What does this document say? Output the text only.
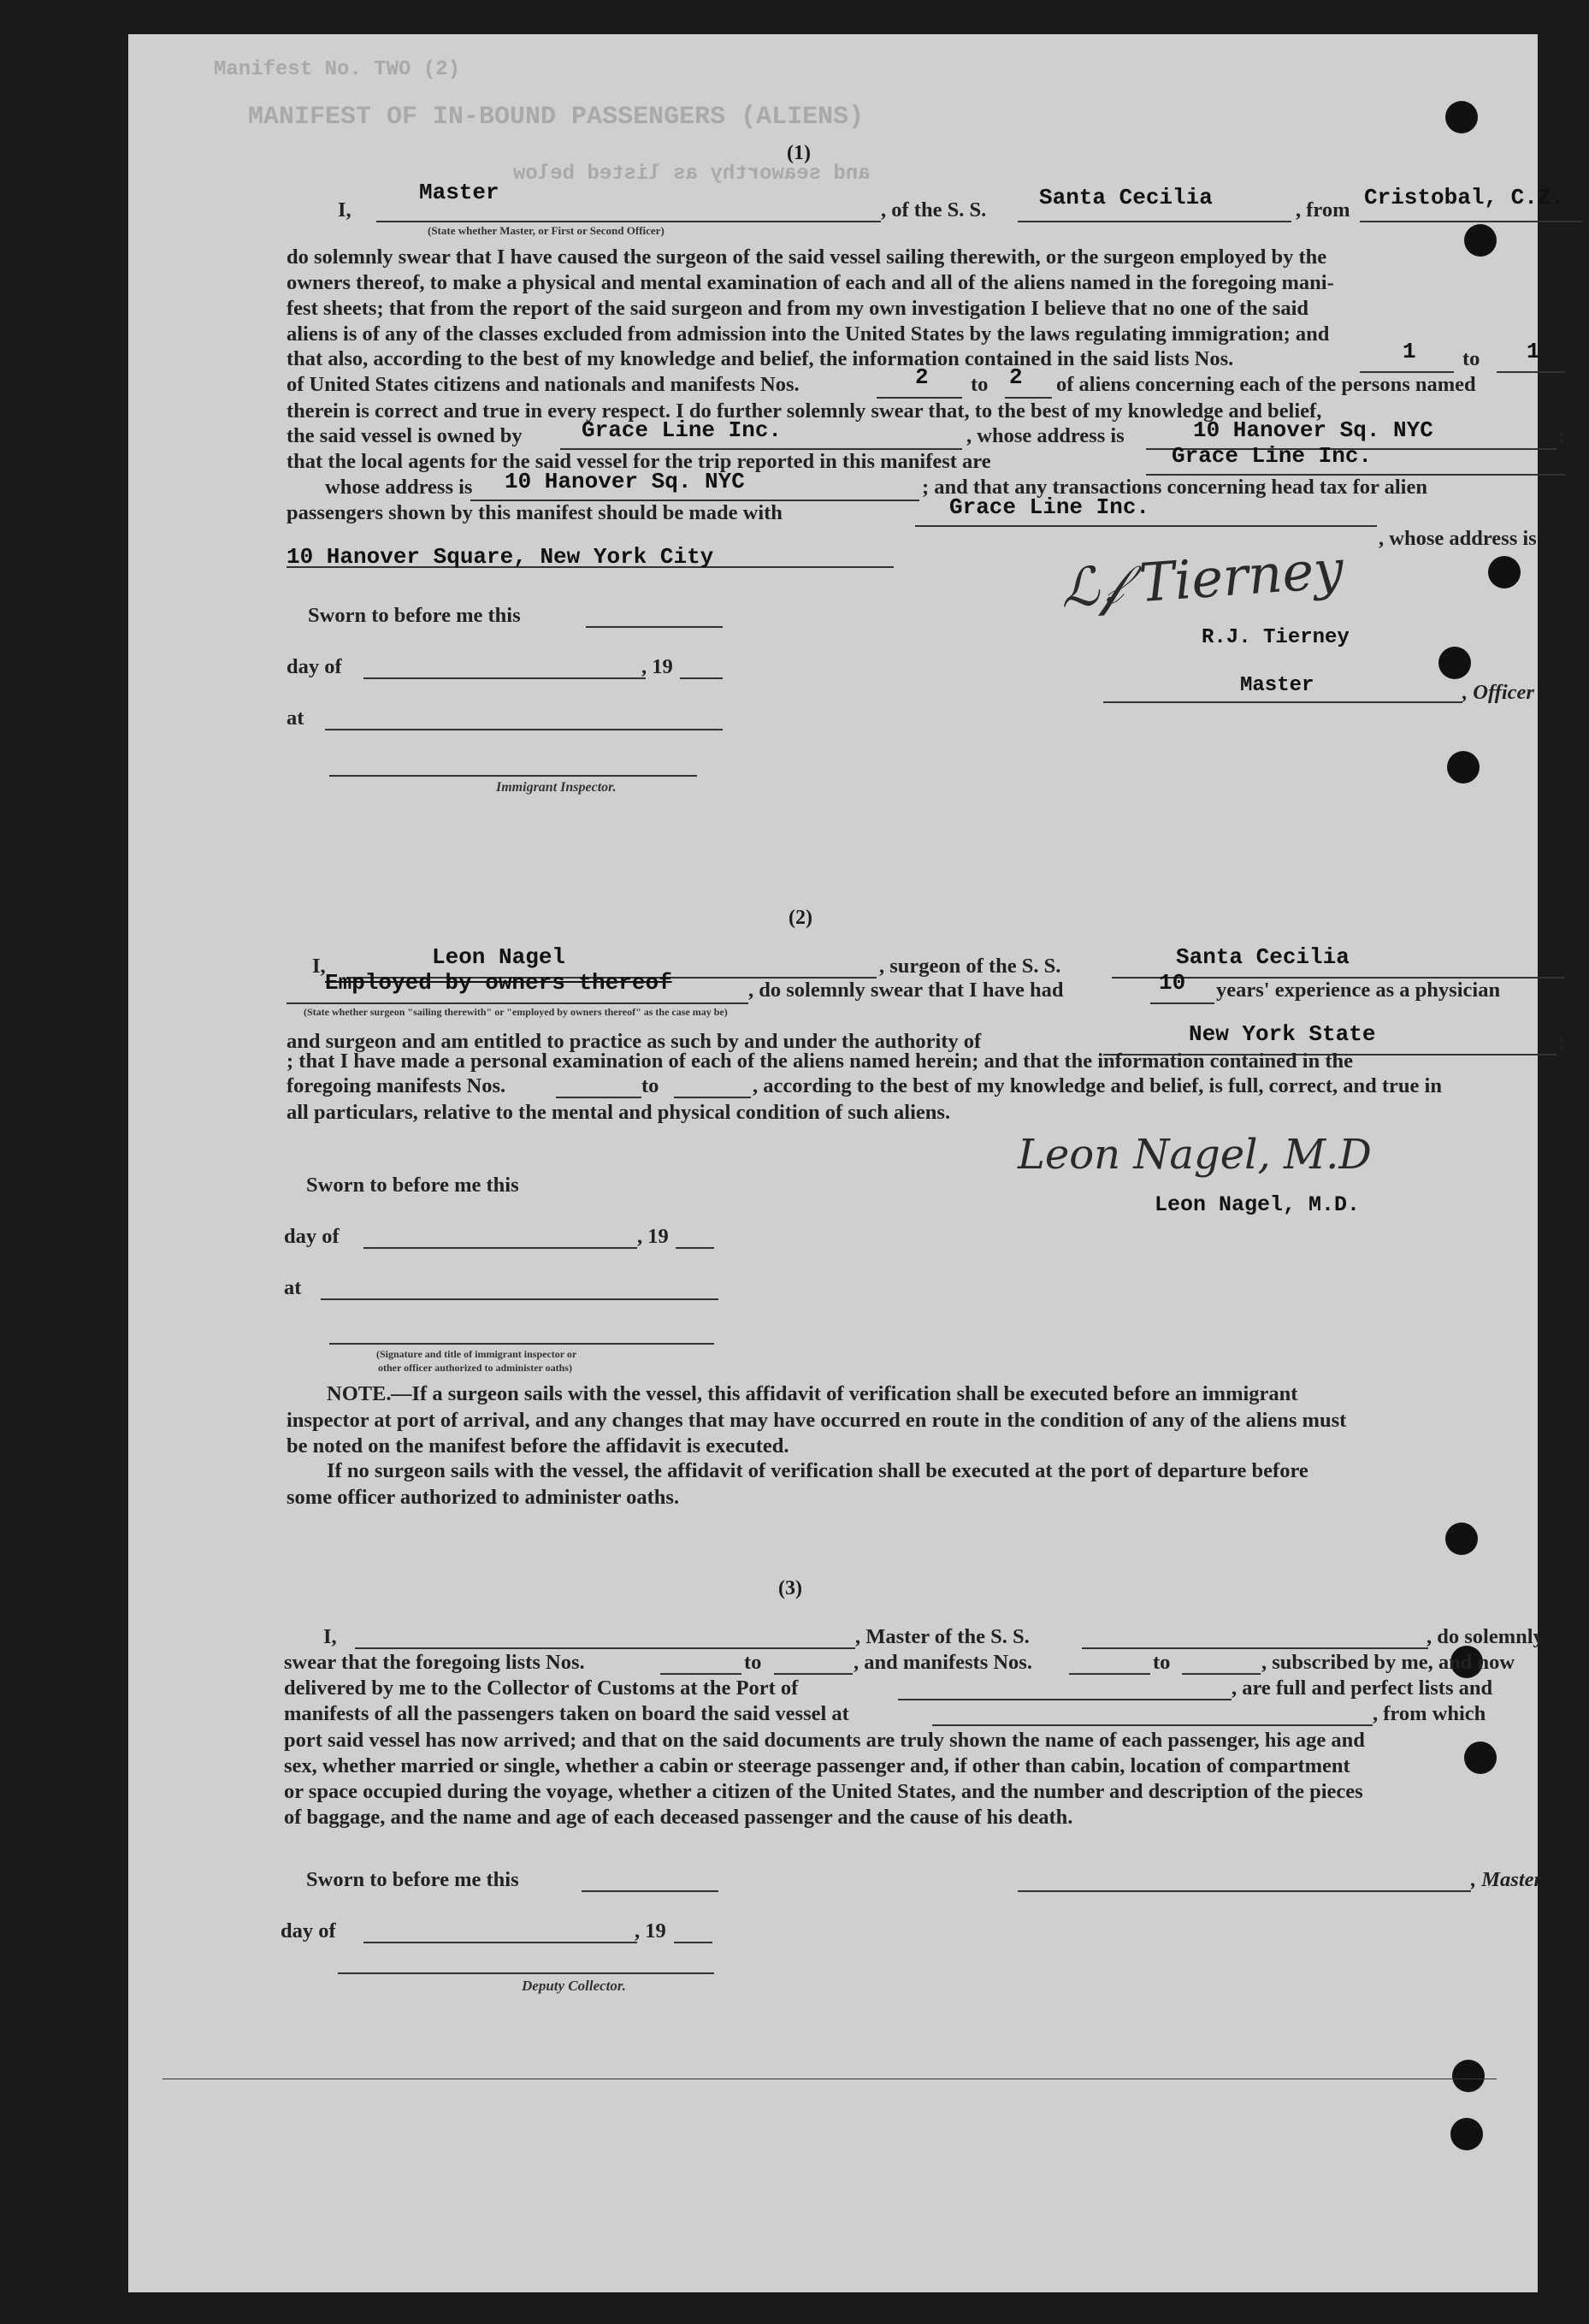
Manifest No. TWO (2)
MANIFEST OF IN-BOUND PASSENGERS (ALIENS)
and seaworthy as listed below
(1)
I,
Master
, of the S. S. Santa Cecilia	, from Cristobal, C.Z.
(State whether Master, or First or Second Officer)
do solemnly swear that I have caused the surgeon of the said vessel sailing therewith, or the surgeon employed by the
owners thereof, to make a physical and mental examination of each and all of the aliens named in the foregoing mani-
fest sheets; that from the report of the said surgeon and from my own investigation I believe that no one of the said
aliens is of any of the classes excluded from admission into the United States by the laws regulating immigration; and
that also, according to the best of my knowledge and belief, the information contained in the said lists Nos.	1 to 1
of United States citizens and nationals and manifests Nos.	2 to 2 of aliens concerning each of the persons named
therein is correct and true in every respect. I do further solemnly swear that, to the best of my knowledge and belief,
the said vessel is owned by	Grace Line Inc.	, whose address is	10 Hanover Sq. NYC	;
that the local agents for the said vessel for the trip reported in this manifest are	Grace Line Inc.
whose address is 10 Hanover Sq. NYC	; and that any transactions concerning head tax for alien
passengers shown by this manifest should be made with	Grace Line Inc.
, whose address is
10 Hanover Square, New York City
Sworn to before me this
day of	, 19
at
Immigrant Inspector.
ℒ𝒻 Tierney
R.J. Tierney
Master	, Officer
(2)
I,	Leon Nagel	, surgeon of the S. S.	Santa Cecilia
Employed by owners thereof	, do solemnly swear that I have had	10 years' experience as a physician
(State whether surgeon "sailing therewith" or "employed by owners thereof" as the case may be)
and surgeon and am entitled to practice as such by and under the authority of	New York State	;
; that I have made a personal examination of each of the aliens named herein; and that the information contained in the
foregoing manifests Nos.	to	, according to the best of my knowledge and belief, is full, correct, and true in
all particulars, relative to the mental and physical condition of such aliens.
Sworn to before me this
day of	, 19
at
(Signature and title of immigrant inspector or
other officer authorized to administer oaths)
Leon Nagel, M.D
Leon Nagel, M.D.
NOTE. —If a surgeon sails with the vessel, this affidavit of verification shall be executed before an immigrant
inspector at port of arrival, and any changes that may have occurred en route in the condition of any of the aliens must
be noted on the manifest before the affidavit is executed.
If no surgeon sails with the vessel, the affidavit of verification shall be executed at the port of departure before
some officer authorized to administer oaths.
(3)
I,	, Master of the S. S.	, do solemnly
swear that the foregoing lists Nos.	to	, and manifests Nos.	to	, subscribed by me, and now
delivered by me to the Collector of Customs at the Port of	, are full and perfect lists and
manifests of all the passengers taken on board the said vessel at	, from which
port said vessel has now arrived; and that on the said documents are truly shown the name of each passenger, his age and
sex, whether married or single, whether a cabin or steerage passenger and, if other than cabin, location of compartment
or space occupied during the voyage, whether a citizen of the United States, and the number and description of the pieces
of baggage, and the name and age of each deceased passenger and the cause of his death.
Sworn to before me this	, Master
day of	, 19
Deputy Collector.
